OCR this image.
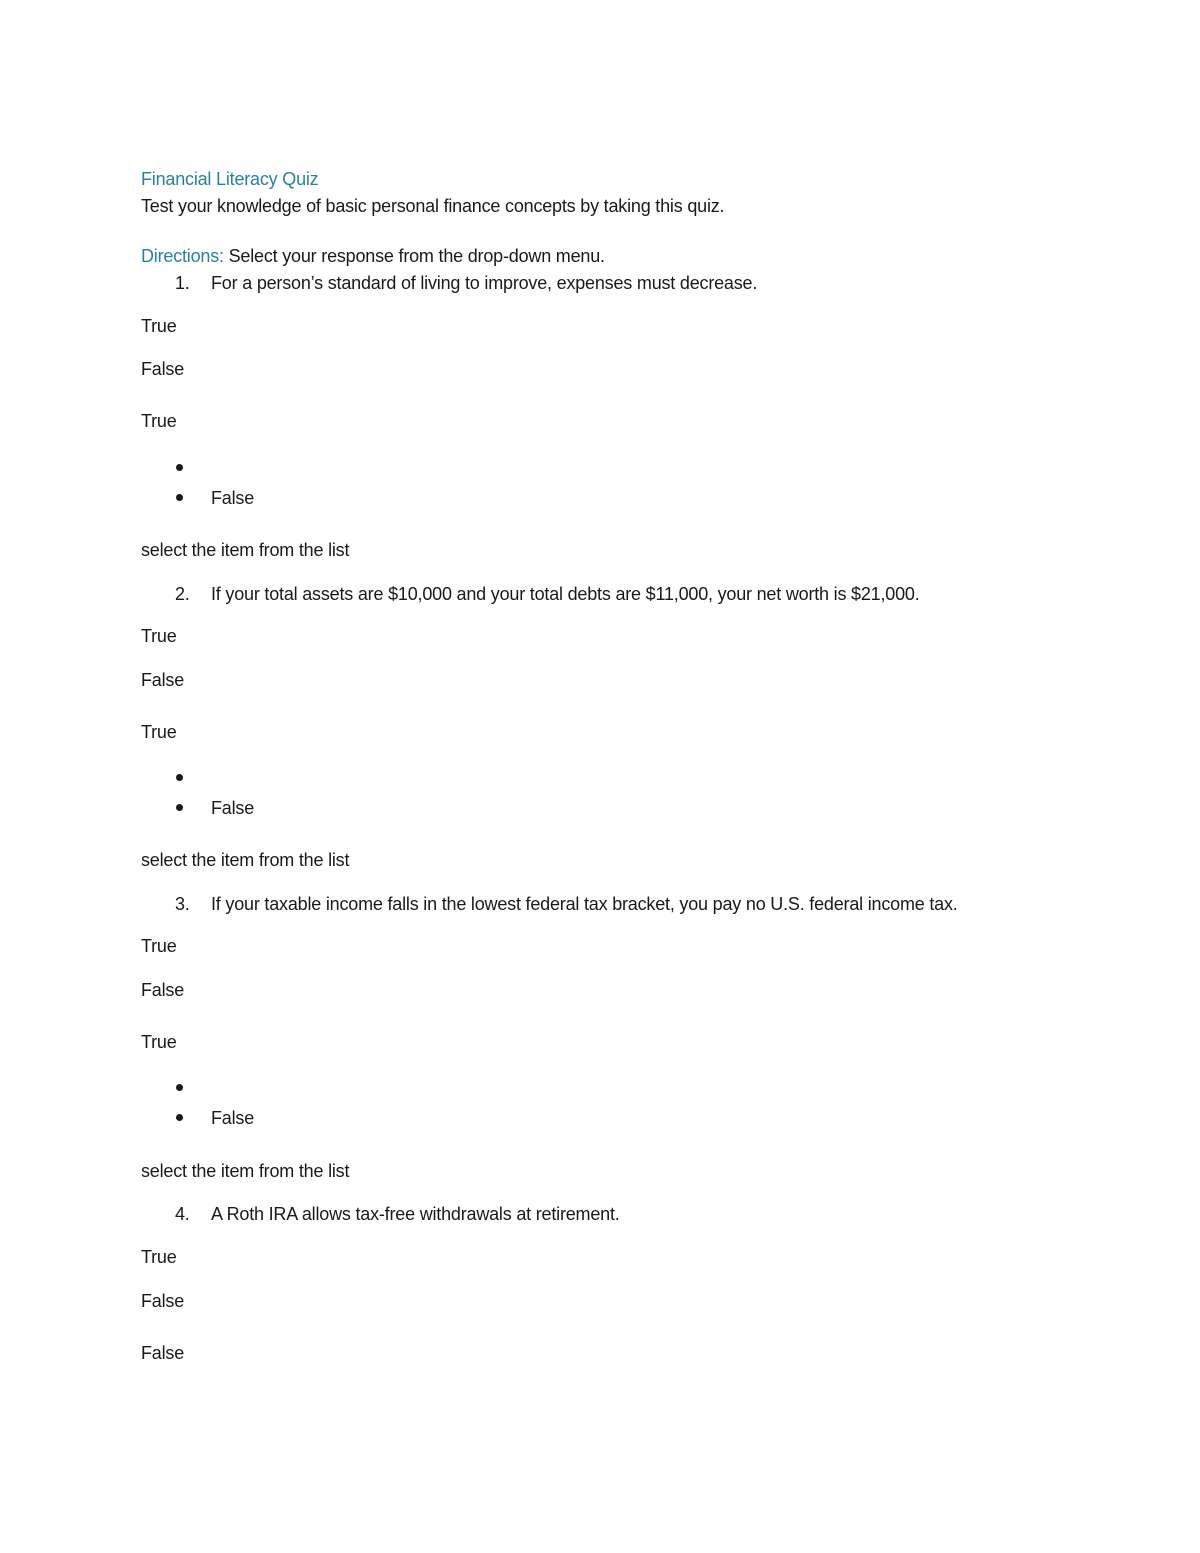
Financial Literacy Quiz
Test your knowledge of basic personal finance concepts by taking this quiz.
Directions: Select your response from the drop-down menu.
1. For a person’s standard of living to improve, expenses must decrease.
True
False
True
False
select the item from the list
2. If your total assets are $10,000 and your total debts are $11,000, your net worth is $21,000.
True
False
True
False
select the item from the list
3. If your taxable income falls in the lowest federal tax bracket, you pay no U.S. federal income tax.
True
False
True
False
select the item from the list
4. A Roth IRA allows tax-free withdrawals at retirement.
True
False
False
